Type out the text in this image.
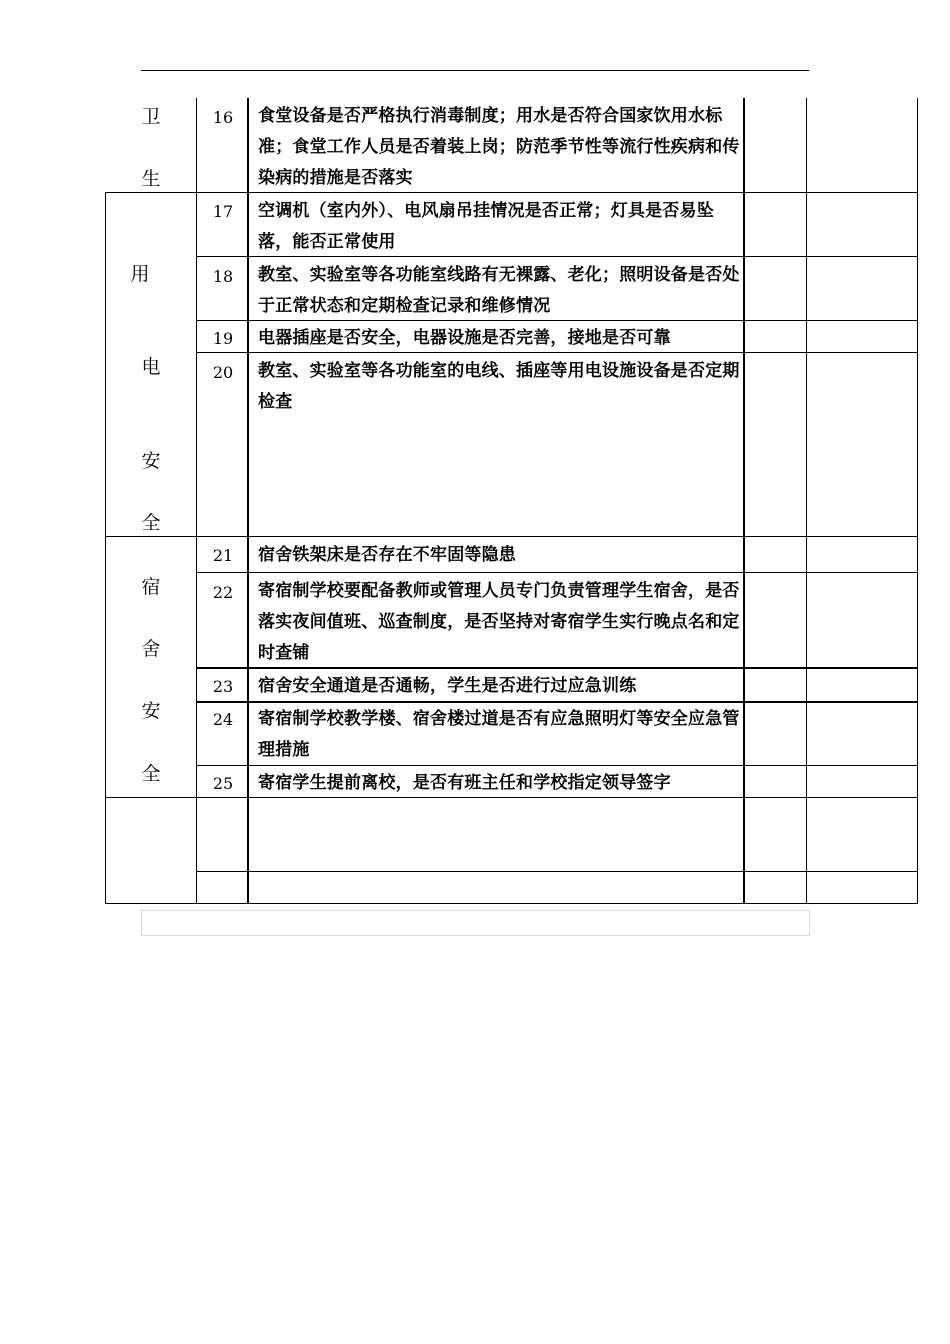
卫
生
用
电
安
全
宿
舍
安
全
16
17
18
19
20
21
22
23
24
25
食堂设备是否严格执行消毒制度；用水是否符合国家饮用水标准；食堂工作人员是否着装上岗；防范季节性等流行性疾病和传染病的措施是否落实
空调机（室内外）、电风扇吊挂情况是否正常；灯具是否易坠落，能否正常使用
教室、实验室等各功能室线路有无裸露、老化；照明设备是否处于正常状态和定期检查记录和维修情况
电器插座是否安全，电器设施是否完善，接地是否可靠
教室、实验室等各功能室的电线、插座等用电设施设备是否定期检查
宿舍铁架床是否存在不牢固等隐患
寄宿制学校要配备教师或管理人员专门负责管理学生宿舍，是否落实夜间值班、巡查制度，是否坚持对寄宿学生实行晚点名和定时查铺
宿舍安全通道是否通畅，学生是否进行过应急训练
寄宿制学校教学楼、宿舍楼过道是否有应急照明灯等安全应急管理措施
寄宿学生提前离校，是否有班主任和学校指定领导签字
